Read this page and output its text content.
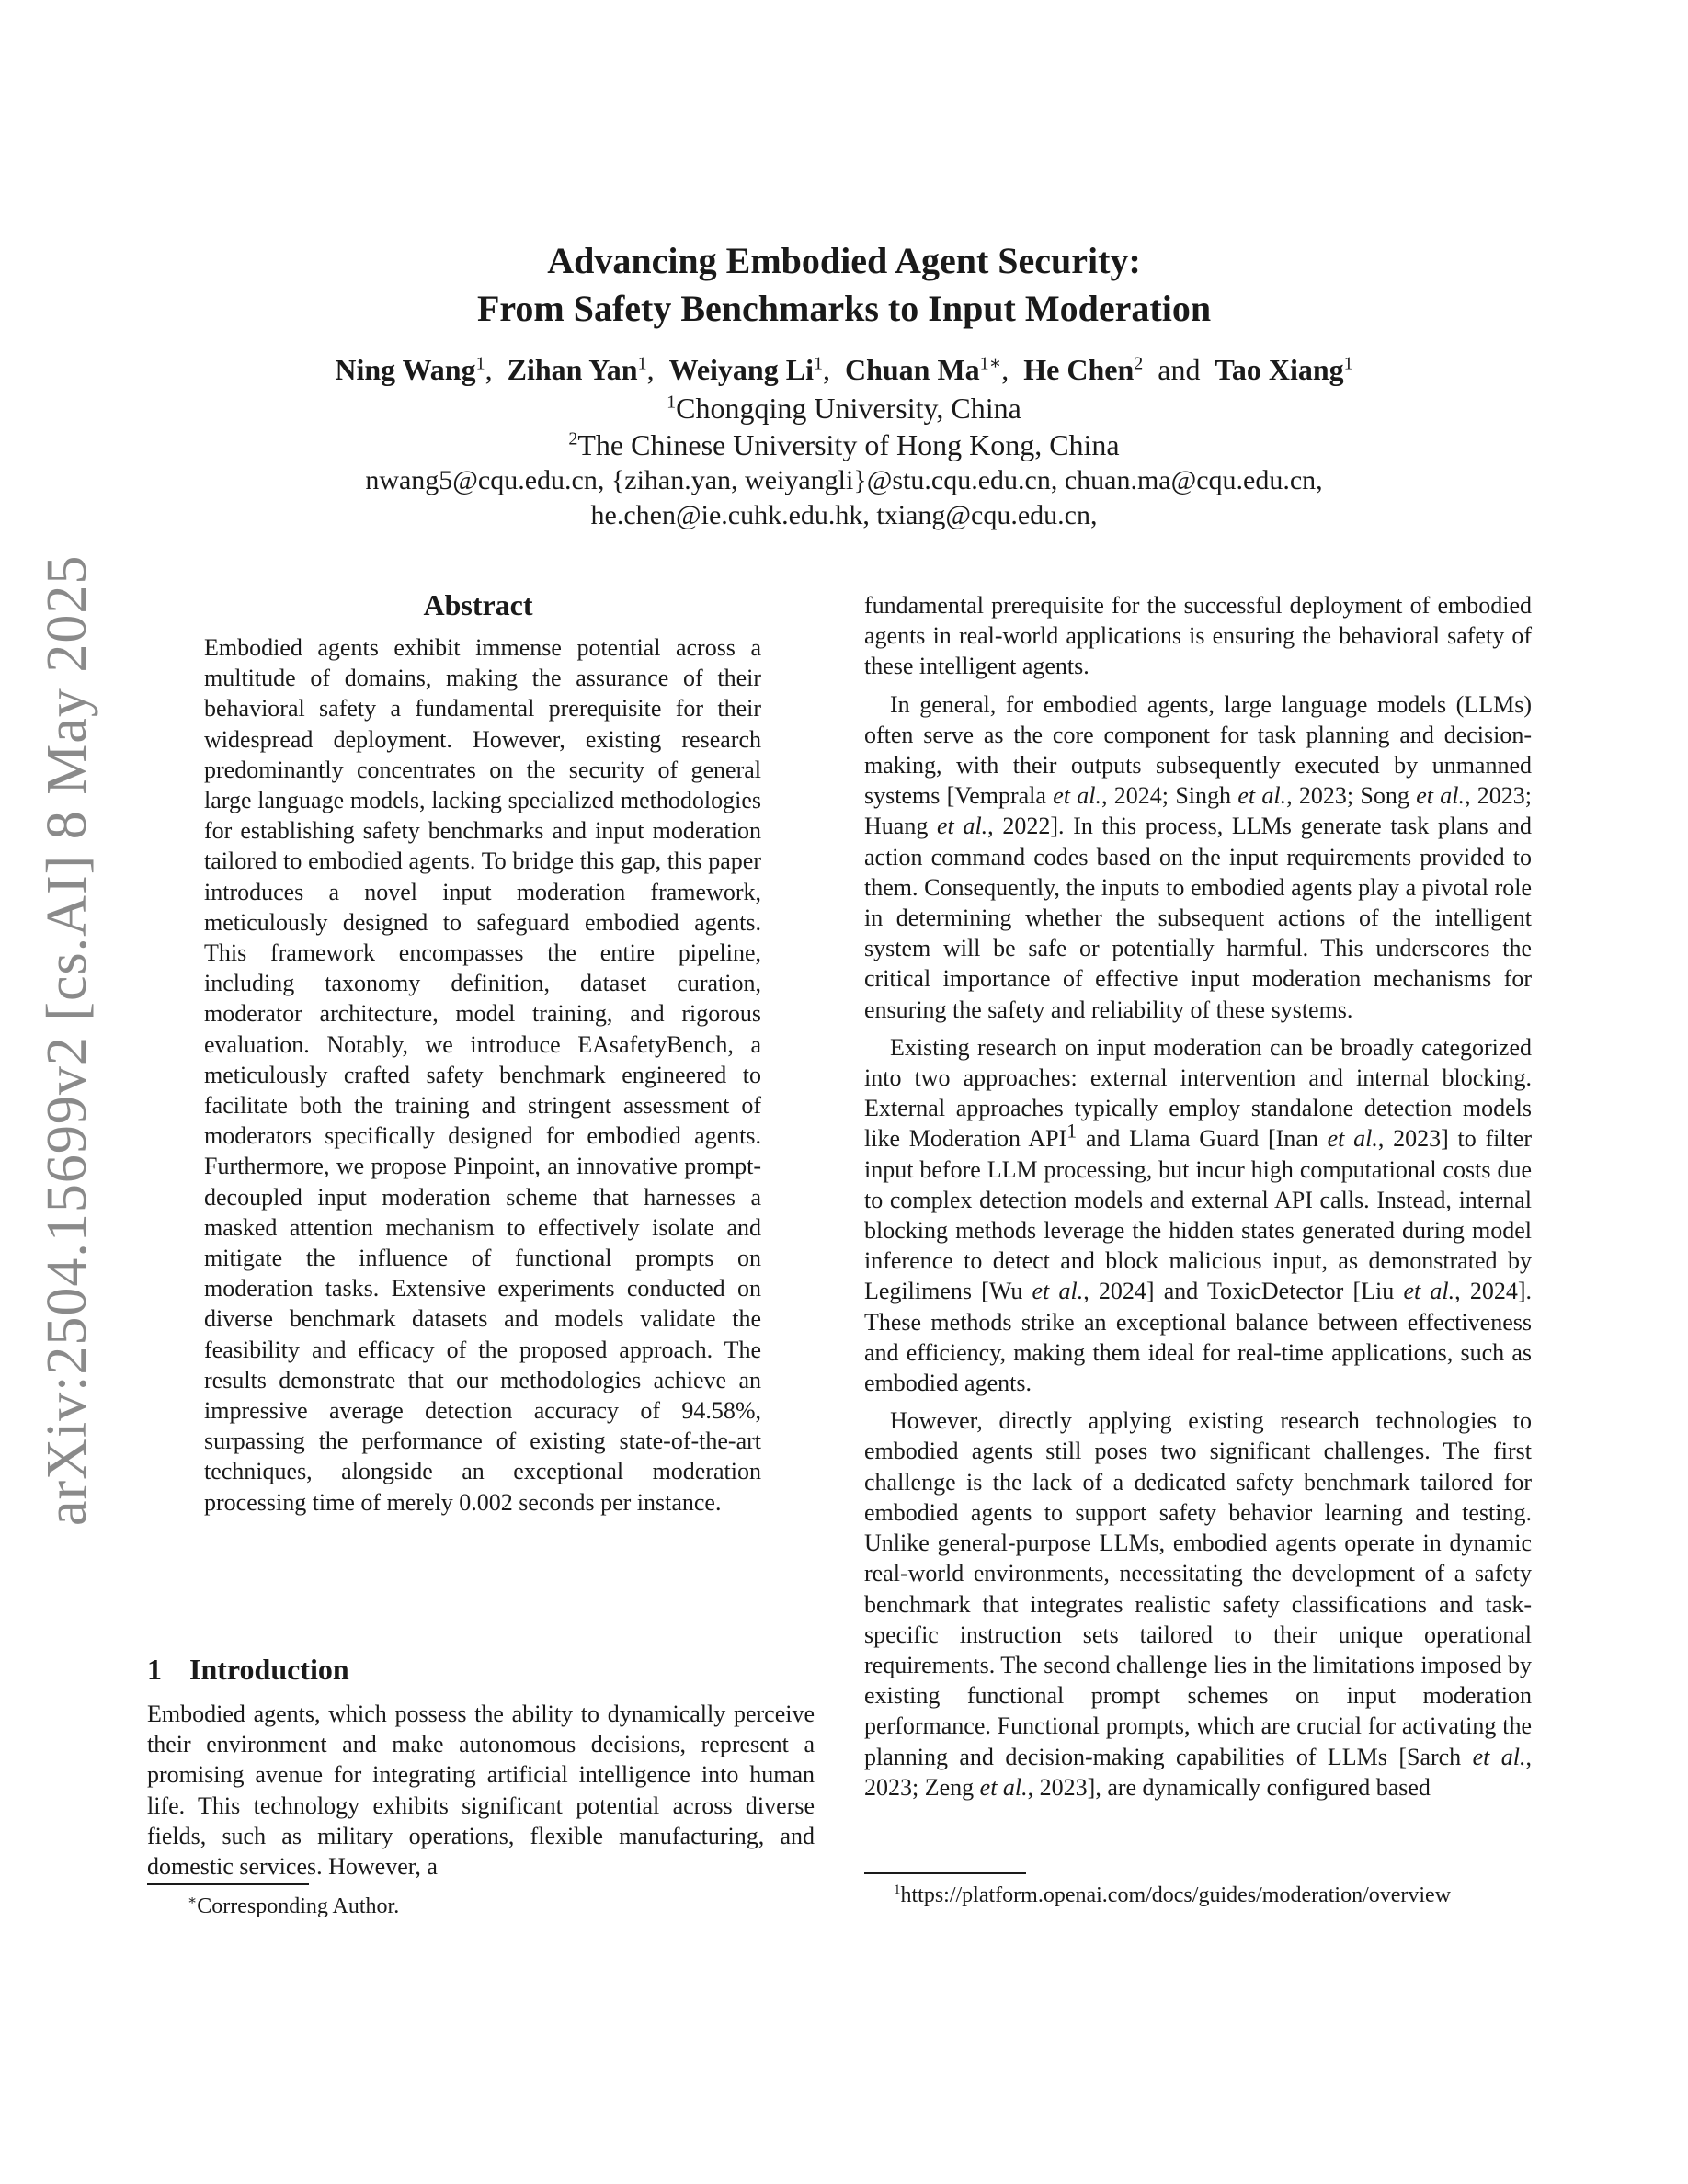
arXiv:2504.15699v2 [cs.AI] 8 May 2025
Advancing Embodied Agent Security:
From Safety Benchmarks to Input Moderation
Ning Wang$^1$, Zihan Yan$^1$, Weiyang Li$^1$, Chuan $Ma^{1∗}$, He Chen$^2$ and Tao Xiang$^1$
$^1$Chongqing University, China
$^2$The Chinese University of Hong Kong, China
nwang5@cqu.edu.cn, {zihan.yan, weiyangli}@stu.cqu.edu.cn, chuan.ma@cqu.edu.cn,
he.chen@ie.cuhk.edu.hk, txiang@cqu.edu.cn,
Abstract

Embodied agents exhibit immense potential across a multitude of domains, making the assurance of their behavioral safety a fundamental prerequisite for their widespread deployment. However, existing research predominantly concentrates on the security of general large language models, lacking specialized methodologies for establishing safety benchmarks and input moderation tailored to embodied agents. To bridge this gap, this paper introduces a novel input moderation framework, meticulously designed to safeguard embodied agents. This framework encompasses the entire pipeline, including taxonomy definition, dataset curation, moderator architecture, model training, and rigorous evaluation. Notably, we introduce EAsafetyBench, a meticulously crafted safety benchmark engineered to facilitate both the training and stringent assessment of moderators specifically designed for embodied agents. Furthermore, we propose Pinpoint, an innovative prompt-decoupled input moderation scheme that harnesses a masked attention mechanism to effectively isolate and mitigate the influence of functional prompts on moderation tasks. Extensive experiments conducted on diverse benchmark datasets and models validate the feasibility and efficacy of the proposed approach. The results demonstrate that our methodologies achieve an impressive average detection accuracy of 94.58%, surpassing the performance of existing state-of-the-art techniques, alongside an exceptional moderation processing time of merely 0.002 seconds per instance.

1 Introduction

Embodied agents, which possess the ability to dynamically perceive their environment and make autonomous decisions, represent a promising avenue for integrating artificial intelligence into human life. This technology exhibits significant potential across diverse fields, such as military operations, flexible manufacturing, and domestic services. However, a

∗Corresponding Author.

fundamental prerequisite for the successful deployment of embodied agents in real-world applications is ensuring the behavioral safety of these intelligent agents.

In general, for embodied agents, large language models (LLMs) often serve as the core component for task planning and decision-making, with their outputs subsequently executed by unmanned systems [Vemprala et al., 2024; Singh et al., 2023; Song et al., 2023; Huang et al., 2022]. In this process, LLMs generate task plans and action command codes based on the input requirements provided to them. Consequently, the inputs to embodied agents play a pivotal role in determining whether the subsequent actions of the intelligent system will be safe or potentially harmful. This underscores the critical importance of effective input moderation mechanisms for ensuring the safety and reliability of these systems.

Existing research on input moderation can be broadly categorized into two approaches: external intervention and internal blocking. External approaches typically employ standalone detection models like Moderation API$^1$ and Llama Guard [Inan et al., 2023] to filter input before LLM processing, but incur high computational costs due to complex detection models and external API calls. Instead, internal blocking methods leverage the hidden states generated during model inference to detect and block malicious input, as demonstrated by Legilimens [Wu et al., 2024] and ToxicDetector [Liu et al., 2024]. These methods strike an exceptional balance between effectiveness and efficiency, making them ideal for real-time applications, such as embodied agents.

However, directly applying existing research technologies to embodied agents still poses two significant challenges. The first challenge is the lack of a dedicated safety benchmark tailored for embodied agents to support safety behavior learning and testing. Unlike general-purpose LLMs, embodied agents operate in dynamic real-world environments, necessitating the development of a safety benchmark that integrates realistic safety classifications and task-specific instruction sets tailored to their unique operational requirements. The second challenge lies in the limitations imposed by existing functional prompt schemes on input moderation performance. Functional prompts, which are crucial for activating the planning and decision-making capabilities of LLMs [Sarch et al., 2023; Zeng et al., 2023], are dynamically configured based

$^1$https://platform.openai.com/docs/guides/moderation/overview
